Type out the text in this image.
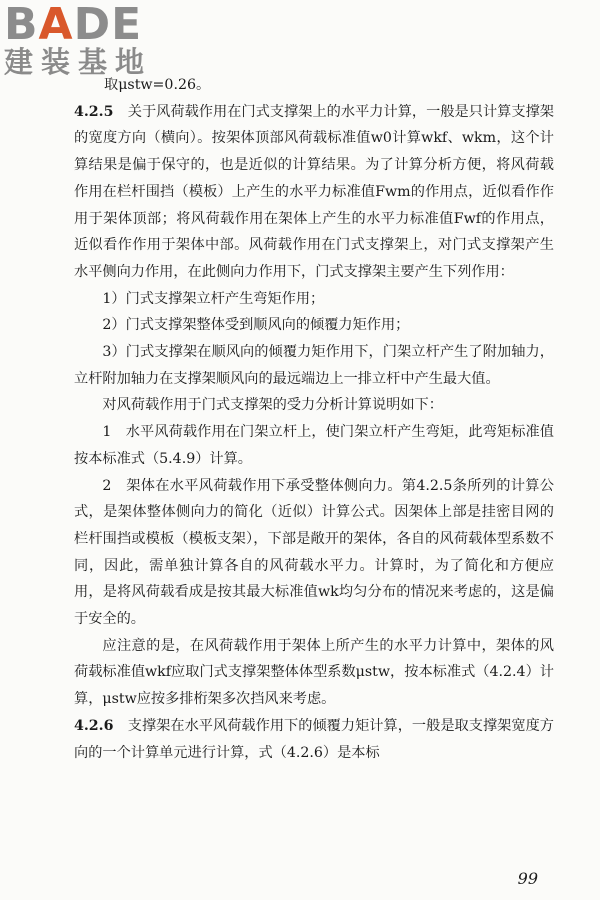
BADE
建装基地

取μstw=0.26。

4.2.5　 关于风荷载作用在门式支撑架上的水平力计算，一般是只计算支撑架的宽度方向（横向）。按架体顶部风荷载标准值w0计算wkf、wkm，这个计算结果是偏于保守的，也是近似的计算结果。为了计算分析方便，将风荷载作用在栏杆围挡（模板）上产生的水平力标准值Fwm的作用点，近似看作作用于架体顶部；将风荷载作用在架体上产生的水平力标准值Fwf的作用点，近似看作作用于架体中部。风荷载作用在门式支撑架上，对门式支撑架产生水平侧向力作用，在此侧向力作用下，门式支撑架主要产生下列作用：

1）门式支撑架立杆产生弯矩作用；

2）门式支撑架整体受到顺风向的倾覆力矩作用；

3）门式支撑架在顺风向的倾覆力矩作用下，门架立杆产生了附加轴力，立杆附加轴力在支撑架顺风向的最远端边上一排立杆中产生最大值。

对风荷载作用于门式支撑架的受力分析计算说明如下：

1　水平风荷载作用在门架立杆上，使门架立杆产生弯矩，此弯矩标准值按本标准式（5.4.9）计算。

2　架体在水平风荷载作用下承受整体侧向力。第4.2.5条所列的计算公式，是架体整体侧向力的简化（近似）计算公式。因架体上部是挂密目网的栏杆围挡或模板（模板支架），下部是敞开的架体，各自的风荷载体型系数不同，因此，需单独计算各自的风荷载水平力。计算时，为了简化和方便应用，是将风荷载看成是按其最大标准值wk均匀分布的情况来考虑的，这是偏于安全的。

应注意的是，在风荷载作用于架体上所产生的水平力计算中，架体的风荷载标准值wkf应取门式支撑架整体体型系数μstw，按本标准式（4.2.4）计算，μstw应按多排桁架多次挡风来考虑。

4.2.6　 支撑架在水平风荷载作用下的倾覆力矩计算，一般是取支撑架宽度方向的一个计算单元进行计算，式（4.2.6）是本标

99
